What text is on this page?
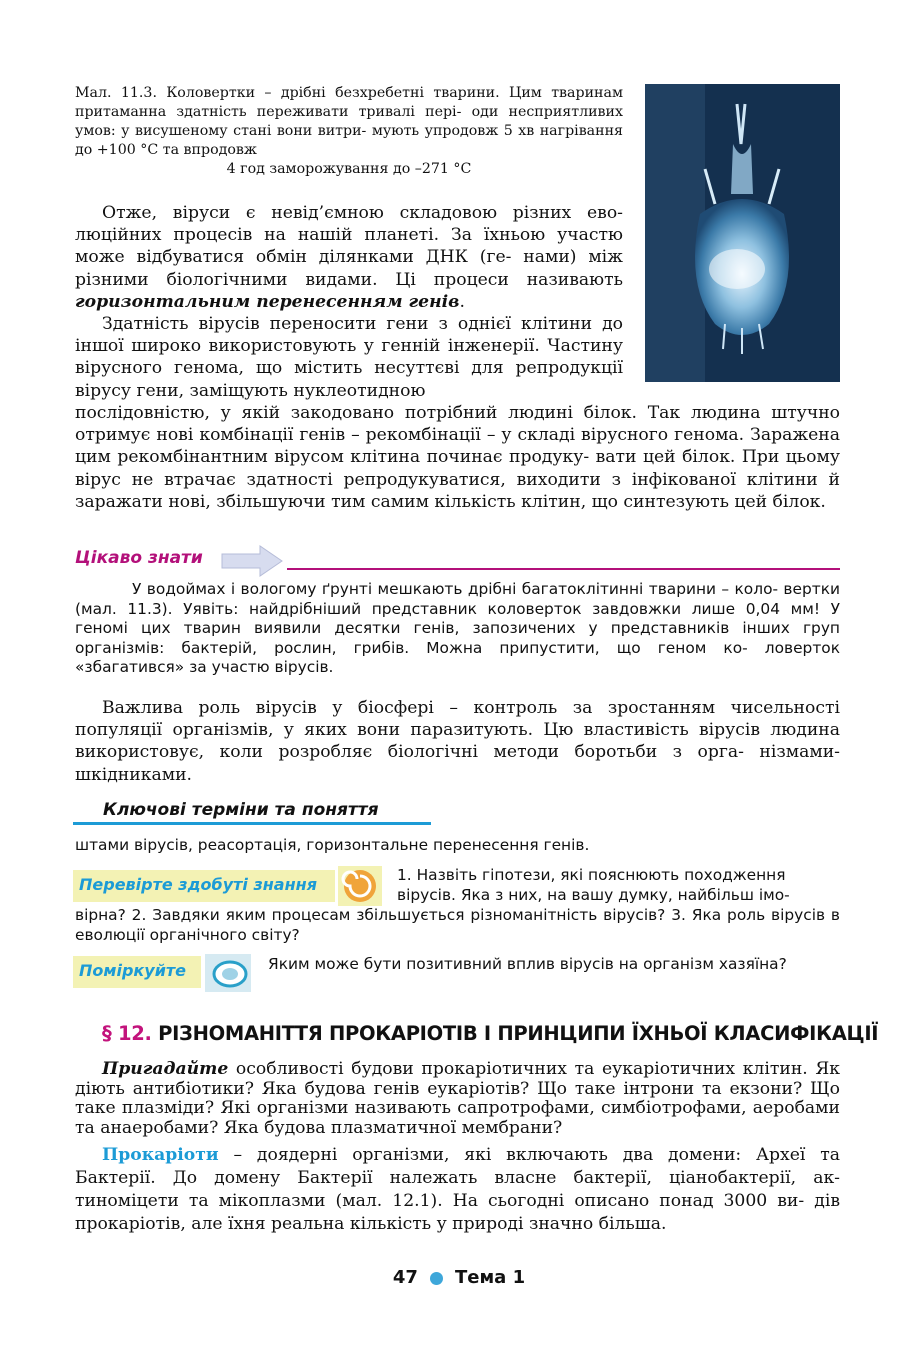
Мал. 11.3. Коловертки – дрібні безхребетні тварини. Цим тваринам притаманна здатність переживати тривалі пері- оди несприятливих умов: у висушеному стані вони витри- мують упродовж 5 хв нагрівання до +100 °С та впродовж
4 год заморожування до –271 °С
Отже, віруси є невід’ємною складовою різних ево- люційних процесів на нашій планеті. За їхньою участю може відбуватися обмін ділянками ДНК (ге- нами) між різними біологічними видами. Ці процеси називають горизонтальним перенесенням генів.
Здатність вірусів переносити гени з однієї клітини до іншої широко використовують у генній інженерії. Частину вірусного генома, що містить несуттєві для репродукції вірусу гени, заміщують нуклеотидною
послідовністю, у якій закодовано потрібний людині білок. Так людина штучно отримує нові комбінації генів – рекомбінації – у складі вірусного генома. Заражена цим рекомбінантним вірусом клітина починає продуку- вати цей білок. При цьому вірус не втрачає здатності репродукуватися, виходити з інфікованої клітини й заражати нові, збільшуючи тим самим кількість клітин, що синтезують цей білок.
Цікаво знати
У водоймах і вологому ґрунті мешкають дрібні багатоклітинні тварини – коло- вертки (мал. 11.3). Уявіть: найдрібніший представник коловерток завдовжки лише 0,04 мм! У геномі цих тварин виявили десятки генів, запозичених у представників інших груп організмів: бактерій, рослин, грибів. Можна припустити, що геном ко- ловерток «збагатився» за участю вірусів.
Важлива роль вірусів у біосфері – контроль за зростанням чисельності популяції організмів, у яких вони паразитують. Цю властивість вірусів людина використовує, коли розробляє біологічні методи боротьби з орга- нізмами-шкідниками.
Ключові терміни та поняття
штами вірусів, реасортація, горизонтальне перенесення генів.
Перевірте здобуті знання	1. Назвіть гіпотези, які пояснюють походження
вірусів. Яка з них, на вашу думку, найбільш імо-
вірна? 2. Завдяки яким процесам збільшується різноманітність вірусів? 3. Яка роль вірусів в еволюції органічного світу?
Поміркуйте	Яким може бути позитивний вплив вірусів на організм хазяїна?
§ 12. РІЗНОМАНІТТЯ ПРОКАРІОТІВ І ПРИНЦИПИ ЇХНЬОЇ КЛАСИФІКАЦІЇ
Пригадайте особливості будови прокаріотичних та еукаріотичних клітин. Як діють антибіотики? Яка будова генів еукаріотів? Що таке інтрони та екзони? Що таке плазміди? Які організми називають сапротрофами, симбіотрофами, аеробами та анаеробами? Яка будова плазматичної мембрани?
Прокаріоти – доядерні організми, які включають два домени: Археї та Бактерії. До домену Бактерії належать власне бактерії, ціанобактерії, ак- тиноміцети та мікоплазми (мал. 12.1). На сьогодні описано понад 3000 ви- дів прокаріотів, але їхня реальна кількість у природі значно більша.
47 Тема 1
